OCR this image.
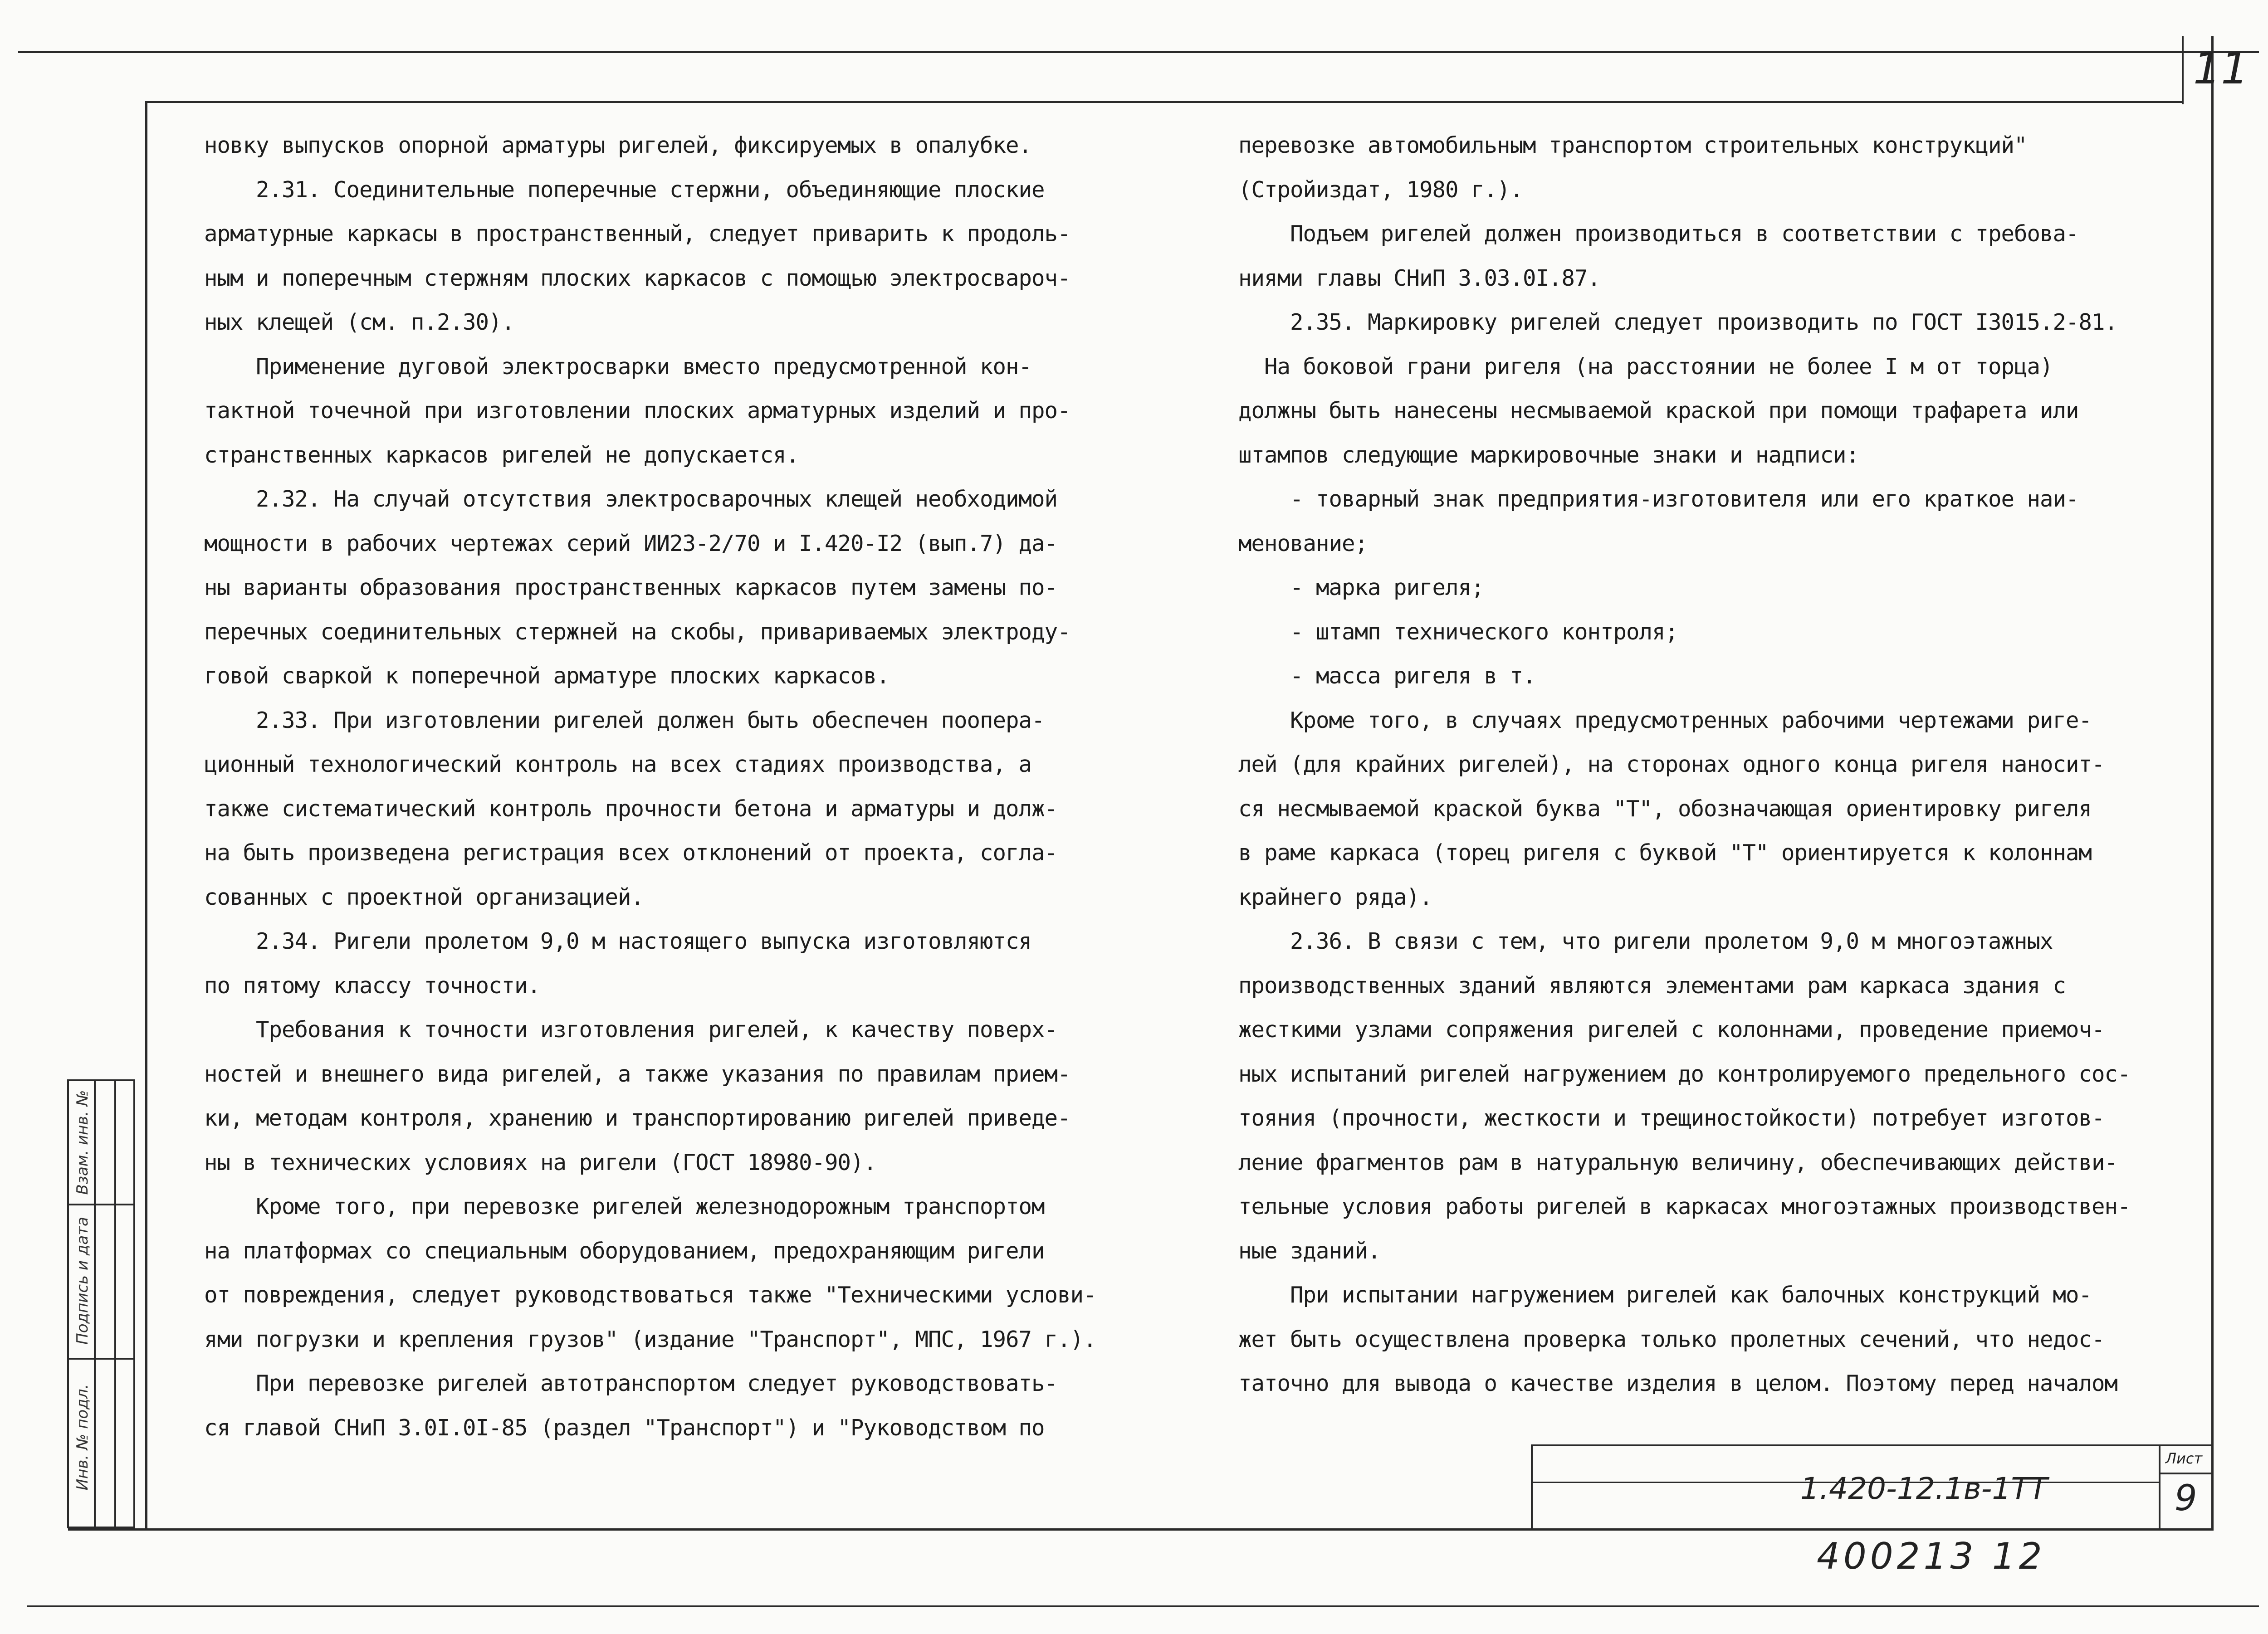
11
новку выпусков опорной арматуры ригелей, фиксируемых в опалубке.
2.31. Соединительные поперечные стержни, объединяющие плоские
арматурные каркасы в пространственный, следует приварить к продоль-
ным и поперечным стержням плоских каркасов с помощью электросвароч-
ных клещей (см. п.2.30).
Применение дуговой электросварки вместо предусмотренной кон-
тактной точечной при изготовлении плоских арматурных изделий и про-
странственных каркасов ригелей не допускается.
2.32. На случай отсутствия электросварочных клещей необходимой
мощности в рабочих чертежах серий ИИ23-2/70 и I.420-I2 (вып.7) да-
ны варианты образования пространственных каркасов путем замены по-
перечных соединительных стержней на скобы, привариваемых электроду-
говой сваркой к поперечной арматуре плоских каркасов.
2.33. При изготовлении ригелей должен быть обеспечен поопера-
ционный технологический контроль на всех стадиях производства, а
также систематический контроль прочности бетона и арматуры и долж-
на быть произведена регистрация всех отклонений от проекта, согла-
сованных с проектной организацией.
2.34. Ригели пролетом 9,0 м настоящего выпуска изготовляются
по пятому классу точности.
Требования к точности изготовления ригелей, к качеству поверх-
ностей и внешнего вида ригелей, а также указания по правилам прием-
ки, методам контроля, хранению и транспортированию ригелей приведе-
ны в технических условиях на ригели (ГОСТ 18980-90).
Кроме того, при перевозке ригелей железнодорожным транспортом
на платформах со специальным оборудованием, предохраняющим ригели
от повреждения, следует руководствоваться также "Техническими услови-
ями погрузки и крепления грузов" (издание "Транспорт", МПС, 1967 г.).
При перевозке ригелей автотранспортом следует руководствовать-
ся главой СНиП 3.0I.0I-85 (раздел "Транспорт") и "Руководством по
перевозке автомобильным транспортом строительных конструкций"
(Стройиздат, 1980 г.).
Подъем ригелей должен производиться в соответствии с требова-
ниями главы СНиП 3.03.0I.87.
2.35. Маркировку ригелей следует производить по ГОСТ I3015.2-81.
На боковой грани ригеля (на расстоянии не более I м от торца)
должны быть нанесены несмываемой краской при помощи трафарета или
штампов следующие маркировочные знаки и надписи:
- товарный знак предприятия-изготовителя или его краткое наи-
менование;
- марка ригеля;
- штамп технического контроля;
- масса ригеля в т.
Кроме того, в случаях предусмотренных рабочими чертежами риге-
лей (для крайних ригелей), на сторонах одного конца ригеля наносит-
ся несмываемой краской буква "Т", обозначающая ориентировку ригеля
в раме каркаса (торец ригеля с буквой "Т" ориентируется к колоннам
крайнего ряда).
2.36. В связи с тем, что ригели пролетом 9,0 м многоэтажных
производственных зданий являются элементами рам каркаса здания с
жесткими узлами сопряжения ригелей с колоннами, проведение приемоч-
ных испытаний ригелей нагружением до контролируемого предельного сос-
тояния (прочности, жесткости и трещиностойкости) потребует изготов-
ление фрагментов рам в натуральную величину, обеспечивающих действи-
тельные условия работы ригелей в каркасах многоэтажных производствен-
ные зданий.
При испытании нагружением ригелей как балочных конструкций мо-
жет быть осуществлена проверка только пролетных сечений, что недос-
таточно для вывода о качестве изделия в целом. Поэтому перед началом
Инв. № подл.
Подпись и дата
Взам. инв. №
1.420-12.1в-1ТТ
Лист
9
400213 12
